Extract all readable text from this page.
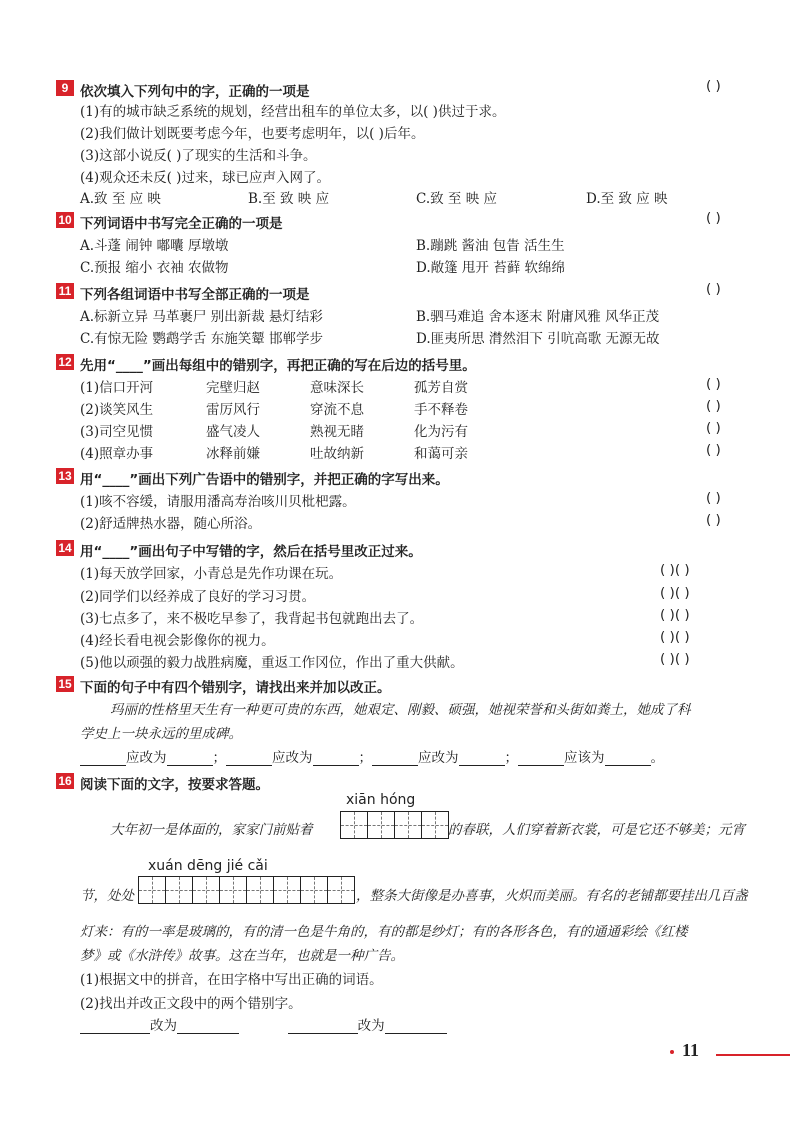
9 依次填入下列句中的字，正确的一项是	( )
(1)有的城市缺乏系统的规划，经营出租车的单位太多，以( )供过于求。
(2)我们做计划既要考虑今年，也要考虑明年，以( )后年。
(3)这部小说反( )了现实的生活和斗争。
(4)观众还未反( )过来，球已应声入网了。
A.致 至 应 映	B.至 致 映 应	C.致 至 映 应	D.至 致 应 映
10 下列词语中书写完全正确的一项是	( )
A.斗蓬 闹钟 嘟囔 厚墩墩	B.蹦跳 酱油 包眚 活生生
C.预报 缩小 衣袖 农做物	D.敞篷 甩开 苔藓 软绵绵
11 下列各组词语中书写全部正确的一项是	( )
A.标新立异 马革裹尸 别出新裁 悬灯结彩	B.驷马难追 舍本逐末 附庸风雅 风华正茂
C.有惊无险 鹦鹉学舌 东施笑颦 邯郸学步	D.匪夷所思 潸然泪下 引吭高歌 无源无故
12 先用“____”画出每组中的错别字，再把正确的写在后边的括号里。
(1)信口开河	完壁归赵	意味深长	孤芳自赏	( )
(2)谈笑风生	雷厉风行	穿流不息	手不释卷	( )
(3)司空见惯	盛气凌人	熟视无睹	化为污有	( )
(4)照章办事	冰释前嫌	吐故纳新	和蔼可亲	( )
13 用“____”画出下列广告语中的错别字，并把正确的字写出来。
(1)咳不容缓，请服用潘高寿治咳川贝枇杷露。	( )
(2)舒适牌热水器，随心所浴。	( )
14 用“____”画出句子中写错的字，然后在括号里改正过来。
(1)每天放学回家，小青总是先作功课在玩。	( )( )
(2)同学们以经养成了良好的学习习贯。	( )( )
(3)七点多了，来不极吃早参了，我背起书包就跑出去了。	( )( )
(4)经长看电视会影像你的视力。	( )( )
(5)他以顽强的毅力战胜病魔，重返工作冈位，作出了重大供献。	( )( )
15 下面的句子中有四个错别字，请找出来并加以改正。
玛丽的性格里天生有一种更可贵的东西，她艰定、刚毅、硕强，她视荣誉和头街如粪土，她成了科
学史上一块永远的里成碑。
应改为	；	应改为	；	应改为	；	应该为	。
16 阅读下面的文字，按要求答题。
xiān hóng
大年初一是体面的，家家门前贴着	的春联，人们穿着新衣裳，可是它还不够美；元宵
xuán dēng jié cǎi
节，处处	，整条大街像是办喜事，火炽而美丽。有名的老铺都要挂出几百盏
灯来：有的一率是玻璃的，有的清一色是牛角的，有的都是纱灯；有的各形各色，有的通通彩绘《红楼
梦》或《水浒传》故事。这在当年，也就是一种广告。
(1)根据文中的拼音，在田字格中写出正确的词语。
(2)找出并改正文段中的两个错别字。
改为	改为
11
